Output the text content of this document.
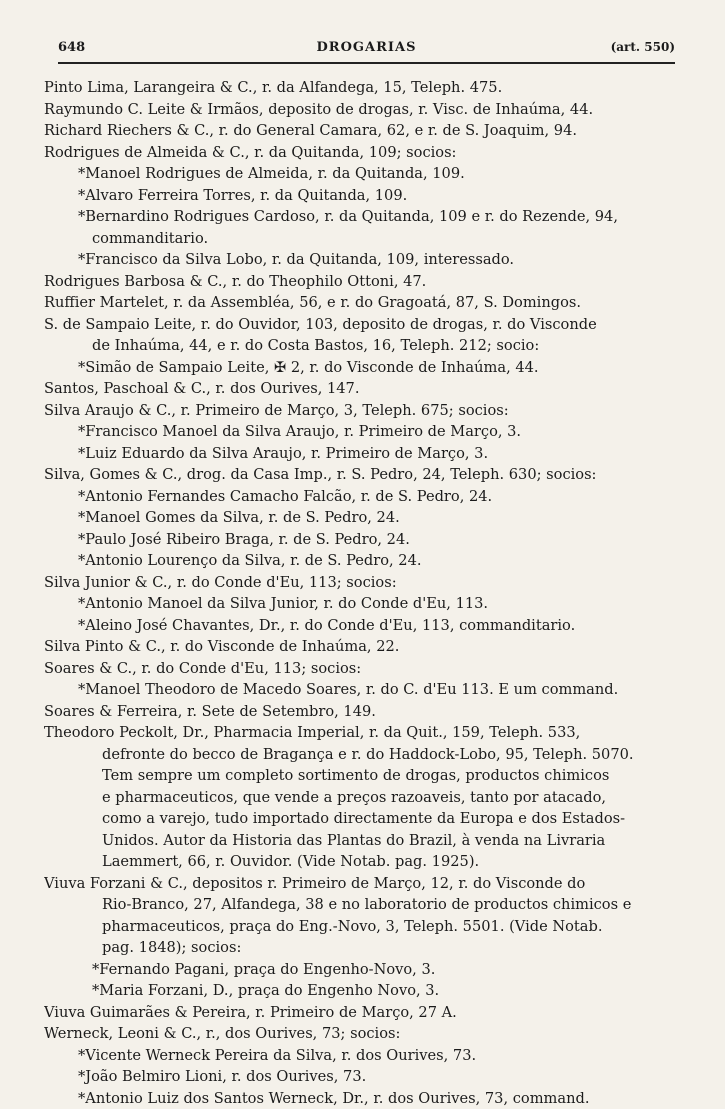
648	DROGARIAS	(art. 550)
Pinto Lima, Larangeira & C., r. da Alfandega, 15, Teleph. 475.
Raymundo C. Leite & Irmãos, deposito de drogas, r. Visc. de Inhaúma, 44.
Richard Riechers & C., r. do General Camara, 62, e r. de S. Joaquim, 94.
Rodrigues de Almeida & C., r. da Quitanda, 109; socios:
*Manoel Rodrigues de Almeida, r. da Quitanda, 109.
*Alvaro Ferreira Torres, r. da Quitanda, 109.
*Bernardino Rodrigues Cardoso, r. da Quitanda, 109 e r. do Rezende, 94,
commanditario.
*Francisco da Silva Lobo, r. da Quitanda, 109, interessado.
Rodrigues Barbosa & C., r. do Theophilo Ottoni, 47.
Ruffier Martelet, r. da Assembléa, 56, e r. do Gragoatá, 87, S. Domingos.
S. de Sampaio Leite, r. do Ouvidor, 103, deposito de drogas, r. do Visconde
de Inhaúma, 44, e r. do Costa Bastos, 16, Teleph. 212; socio:
*Simão de Sampaio Leite, ✠ 2, r. do Visconde de Inhaúma, 44.
Santos, Paschoal & C., r. dos Ourives, 147.
Silva Araujo & C., r. Primeiro de Março, 3, Teleph. 675; socios:
*Francisco Manoel da Silva Araujo, r. Primeiro de Março, 3.
*Luiz Eduardo da Silva Araujo, r. Primeiro de Março, 3.
Silva, Gomes & C., drog. da Casa Imp., r. S. Pedro, 24, Teleph. 630; socios:
*Antonio Fernandes Camacho Falcão, r. de S. Pedro, 24.
*Manoel Gomes da Silva, r. de S. Pedro, 24.
*Paulo José Ribeiro Braga, r. de S. Pedro, 24.
*Antonio Lourenço da Silva, r. de S. Pedro, 24.
Silva Junior & C., r. do Conde d'Eu, 113; socios:
*Antonio Manoel da Silva Junior, r. do Conde d'Eu, 113.
*Aleino José Chavantes, Dr., r. do Conde d'Eu, 113, commanditario.
Silva Pinto & C., r. do Visconde de Inhaúma, 22.
Soares & C., r. do Conde d'Eu, 113; socios:
*Manoel Theodoro de Macedo Soares, r. do C. d'Eu 113. E um command.
Soares & Ferreira, r. Sete de Setembro, 149.
Theodoro Peckolt, Dr., Pharmacia Imperial, r. da Quit., 159, Teleph. 533,
defronte do becco de Bragança e r. do Haddock-Lobo, 95, Teleph. 5070.
Tem sempre um completo sortimento de drogas, productos chimicos
e pharmaceuticos, que vende a preços razoaveis, tanto por atacado,
como a varejo, tudo importado directamente da Europa e dos Estados-
Unidos. Autor da Historia das Plantas do Brazil, à venda na Livraria
Laemmert, 66, r. Ouvidor. (Vide Notab. pag. 1925).
Viuva Forzani & C., depositos r. Primeiro de Março, 12, r. do Visconde do
Rio-Branco, 27, Alfandega, 38 e no laboratorio de productos chimicos e
pharmaceuticos, praça do Eng.-Novo, 3, Teleph. 5501. (Vide Notab.
pag. 1848); socios:
*Fernando Pagani, praça do Engenho-Novo, 3.
*Maria Forzani, D., praça do Engenho Novo, 3.
Viuva Guimarães & Pereira, r. Primeiro de Março, 27 A.
Werneck, Leoni & C., r., dos Ourives, 73; socios:
*Vicente Werneck Pereira da Silva, r. dos Ourives, 73.
*João Belmiro Lioni, r. dos Ourives, 73.
*Antonio Luiz dos Santos Werneck, Dr., r. dos Ourives, 73, command.
